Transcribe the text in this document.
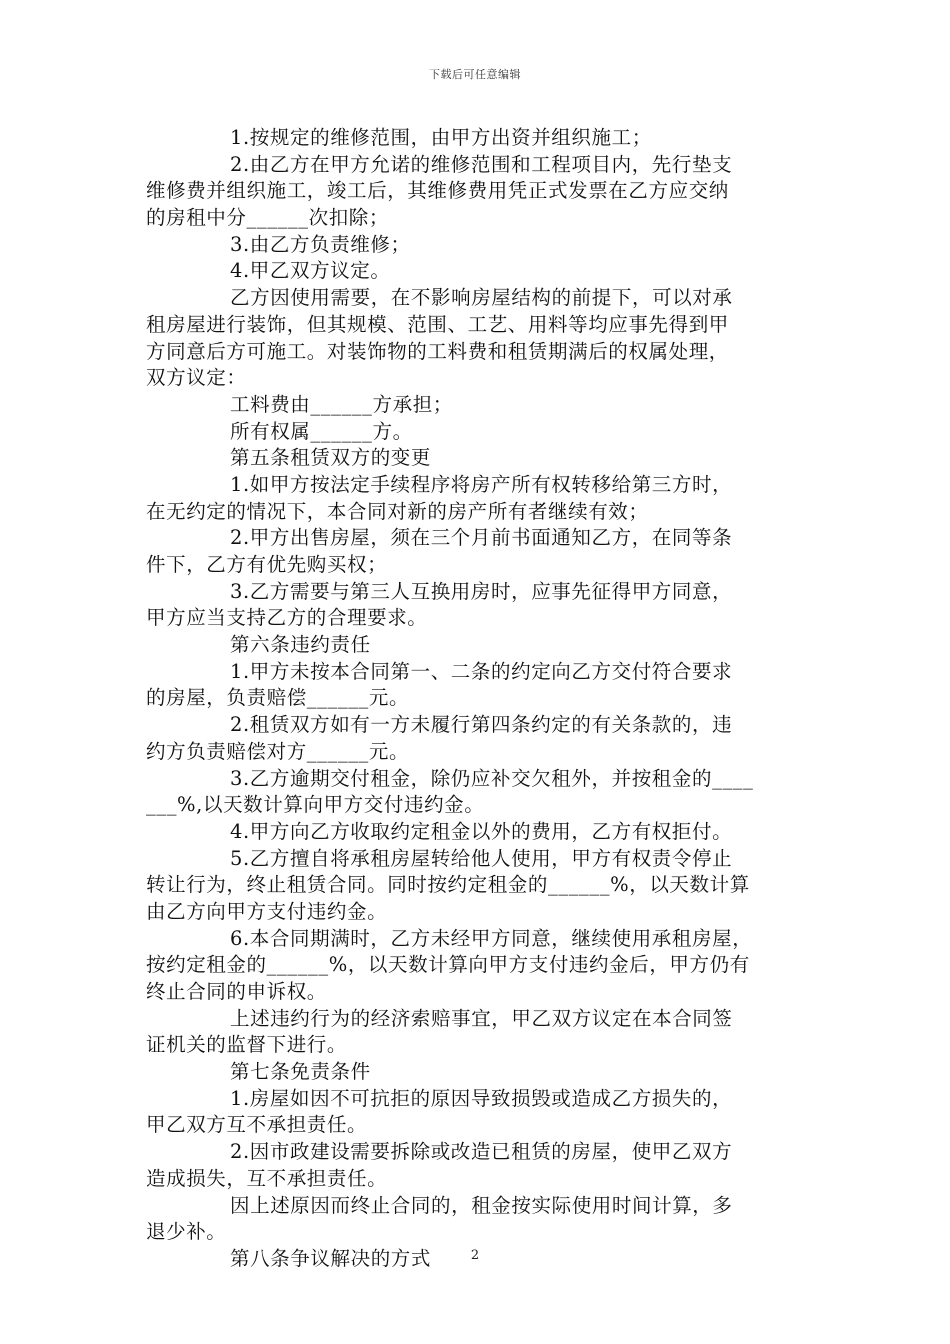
下载后可任意编辑
1.按规定的维修范围，由甲方出资并组织施工；
2.由乙方在甲方允诺的维修范围和工程项目内，先行垫支
维修费并组织施工，竣工后，其维修费用凭正式发票在乙方应交纳
的房租中分______次扣除；
3.由乙方负责维修；
4.甲乙双方议定。
乙方因使用需要，在不影响房屋结构的前提下，可以对承
租房屋进行装饰，但其规模、范围、工艺、用料等均应事先得到甲
方同意后方可施工。对装饰物的工料费和租赁期满后的权属处理，
双方议定：
工料费由______方承担；
所有权属______方。
第五条租赁双方的变更
1.如甲方按法定手续程序将房产所有权转移给第三方时，
在无约定的情况下，本合同对新的房产所有者继续有效；
2.甲方出售房屋，须在三个月前书面通知乙方，在同等条
件下，乙方有优先购买权；
3.乙方需要与第三人互换用房时，应事先征得甲方同意，
甲方应当支持乙方的合理要求。
第六条违约责任
1.甲方未按本合同第一、二条的约定向乙方交付符合要求
的房屋，负责赔偿______元。
2.租赁双方如有一方未履行第四条约定的有关条款的，违
约方负责赔偿对方______元。
3.乙方逾期交付租金，除仍应补交欠租外，并按租金的____
___%,以天数计算向甲方交付违约金。
4.甲方向乙方收取约定租金以外的费用，乙方有权拒付。
5.乙方擅自将承租房屋转给他人使用，甲方有权责令停止
转让行为，终止租赁合同。同时按约定租金的______%，以天数计算
由乙方向甲方支付违约金。
6.本合同期满时，乙方未经甲方同意，继续使用承租房屋，
按约定租金的______%，以天数计算向甲方支付违约金后，甲方仍有
终止合同的申诉权。
上述违约行为的经济索赔事宜，甲乙双方议定在本合同签
证机关的监督下进行。
第七条免责条件
1.房屋如因不可抗拒的原因导致损毁或造成乙方损失的，
甲乙双方互不承担责任。
2.因市政建设需要拆除或改造已租赁的房屋，使甲乙双方
造成损失，互不承担责任。
因上述原因而终止合同的，租金按实际使用时间计算，多
退少补。
第八条争议解决的方式	2
